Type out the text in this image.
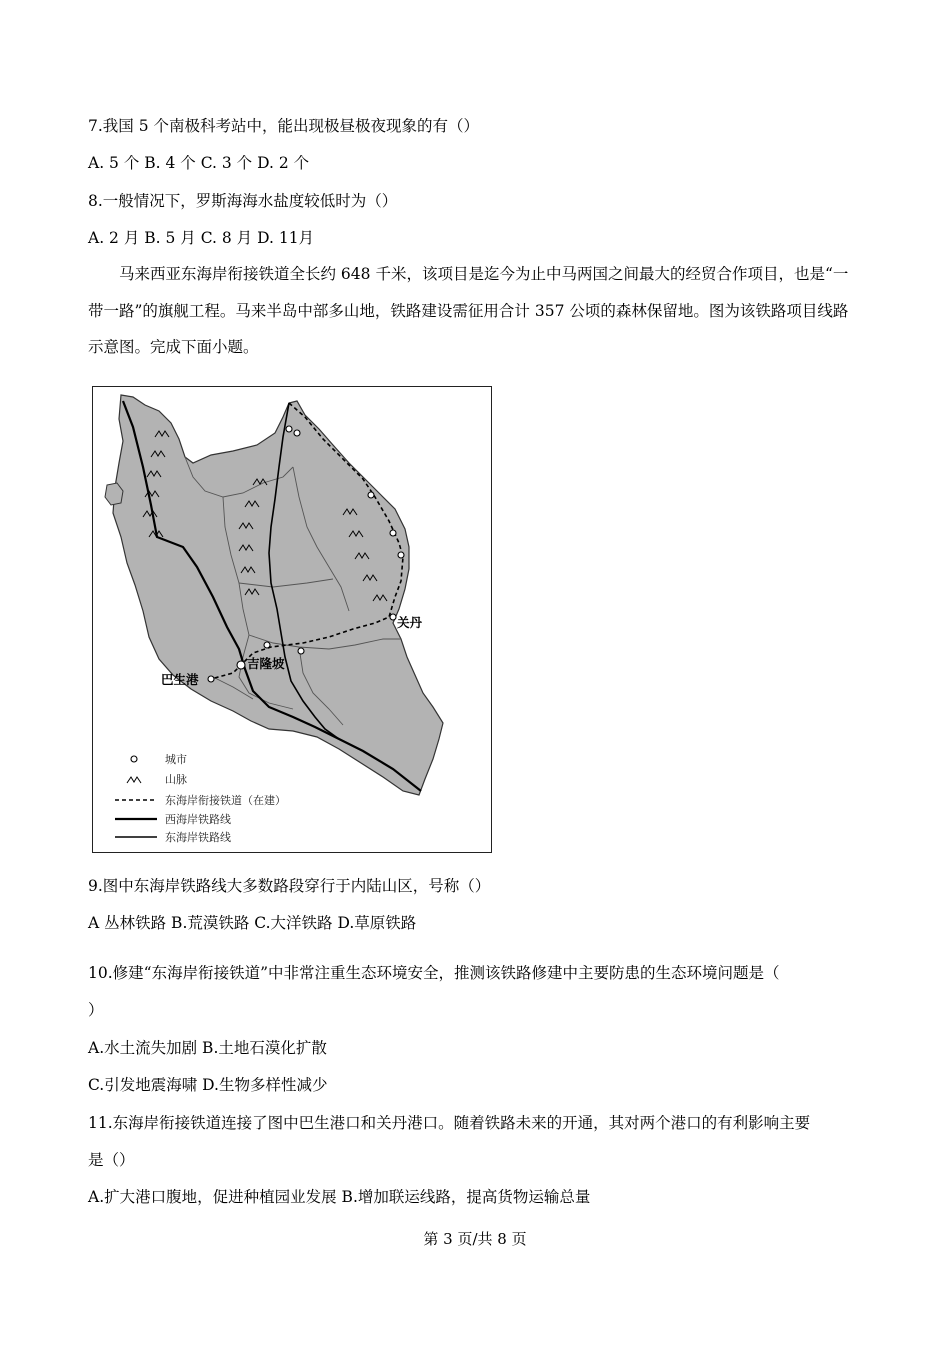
7.我国 5 个南极科考站中，能出现极昼极夜现象的有（）
A. 5 个 B. 4 个 C. 3 个 D. 2 个
8.一般情况下，罗斯海海水盐度较低时为（）
A. 2 月 B. 5 月 C. 8 月 D. 11月
马来西亚东海岸衔接铁道全长约 648 千米，该项目是迄今为止中马两国之间最大的经贸合作项目，也是“一带一路”的旗舰工程。马来半岛中部多山地，铁路建设需征用合计 357 公顷的森林保留地。图为该铁路项目线路示意图。完成下面小题。
巴生港
吉隆坡
关丹
城市
山脉
东海岸衔接铁道（在建）
西海岸铁路线
东海岸铁路线
9.图中东海岸铁路线大多数路段穿行于内陆山区，号称（）
A 丛林铁路 B.荒漠铁路 C.大洋铁路 D.草原铁路
10.修建“东海岸衔接铁道”中非常注重生态环境安全，推测该铁路修建中主要防患的生态环境问题是（
）
A.水土流失加剧 B.土地石漠化扩散
C.引发地震海啸 D.生物多样性减少
11.东海岸衔接铁道连接了图中巴生港口和关丹港口。随着铁路未来的开通，其对两个港口的有利影响主要
是（）
A.扩大港口腹地，促进种植园业发展 B.增加联运线路，提高货物运输总量
第 3 页/共 8 页
